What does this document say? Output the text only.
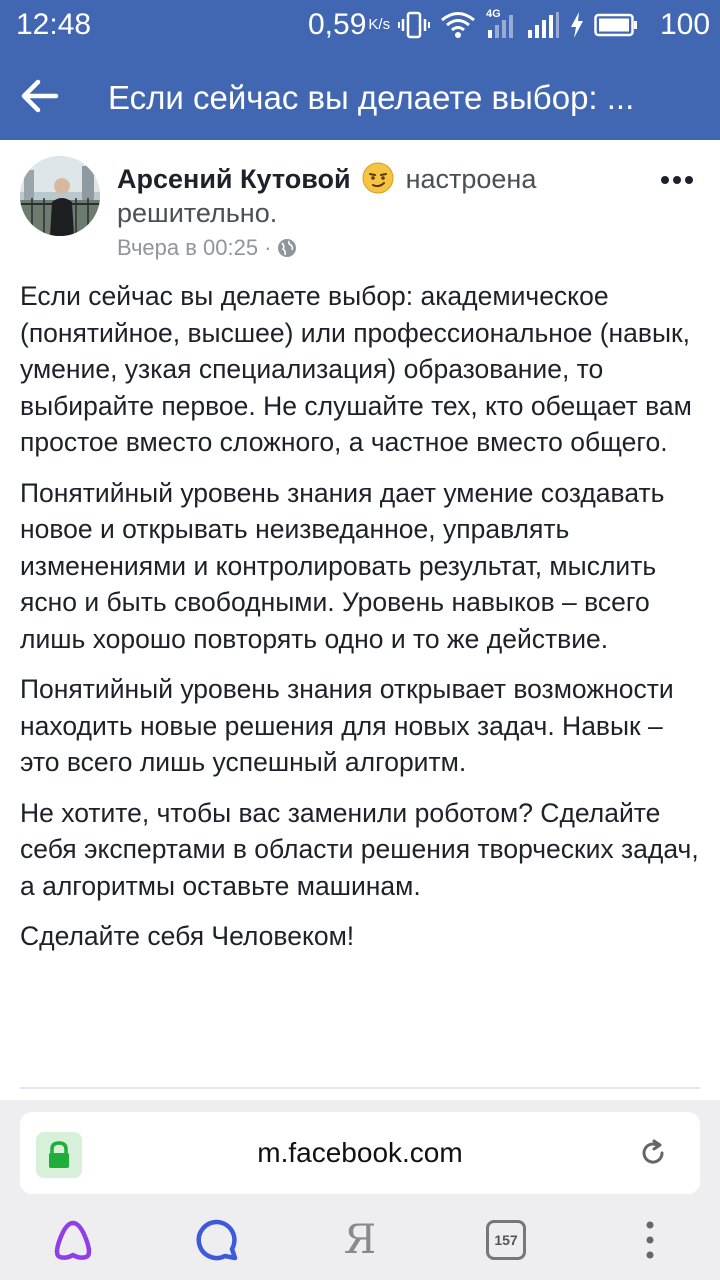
12:48	0,59 $^{K/s}$
4G	100
Если сейчас вы делаете выбор: ...
Арсений Кутовой настроена решительно.
Вчера в 00:25 ·

Если сейчас вы делаете выбор: академическое (понятийное, высшее) или профессиональное (навык, умение, узкая специализация) образование, то выбирайте первое. Не слушайте тех, кто обещает вам простое вместо сложного, а частное вместо общего.

Понятийный уровень знания дает умение создавать новое и открывать неизведанное, управлять изменениями и контролировать результат, мыслить ясно и быть свободными. Уровень навыков – всего лишь хорошо повторять одно и то же действие.

Понятийный уровень знания открывает возможности находить новые решения для новых задач. Навык – это всего лишь успешный алгоритм.

Не хотите, чтобы вас заменили роботом? Сделайте себя экспертами в области решения творческих задач, а алгоритмы оставьте машинам.

Сделайте себя Человеком!

m.facebook.com
Я	157
